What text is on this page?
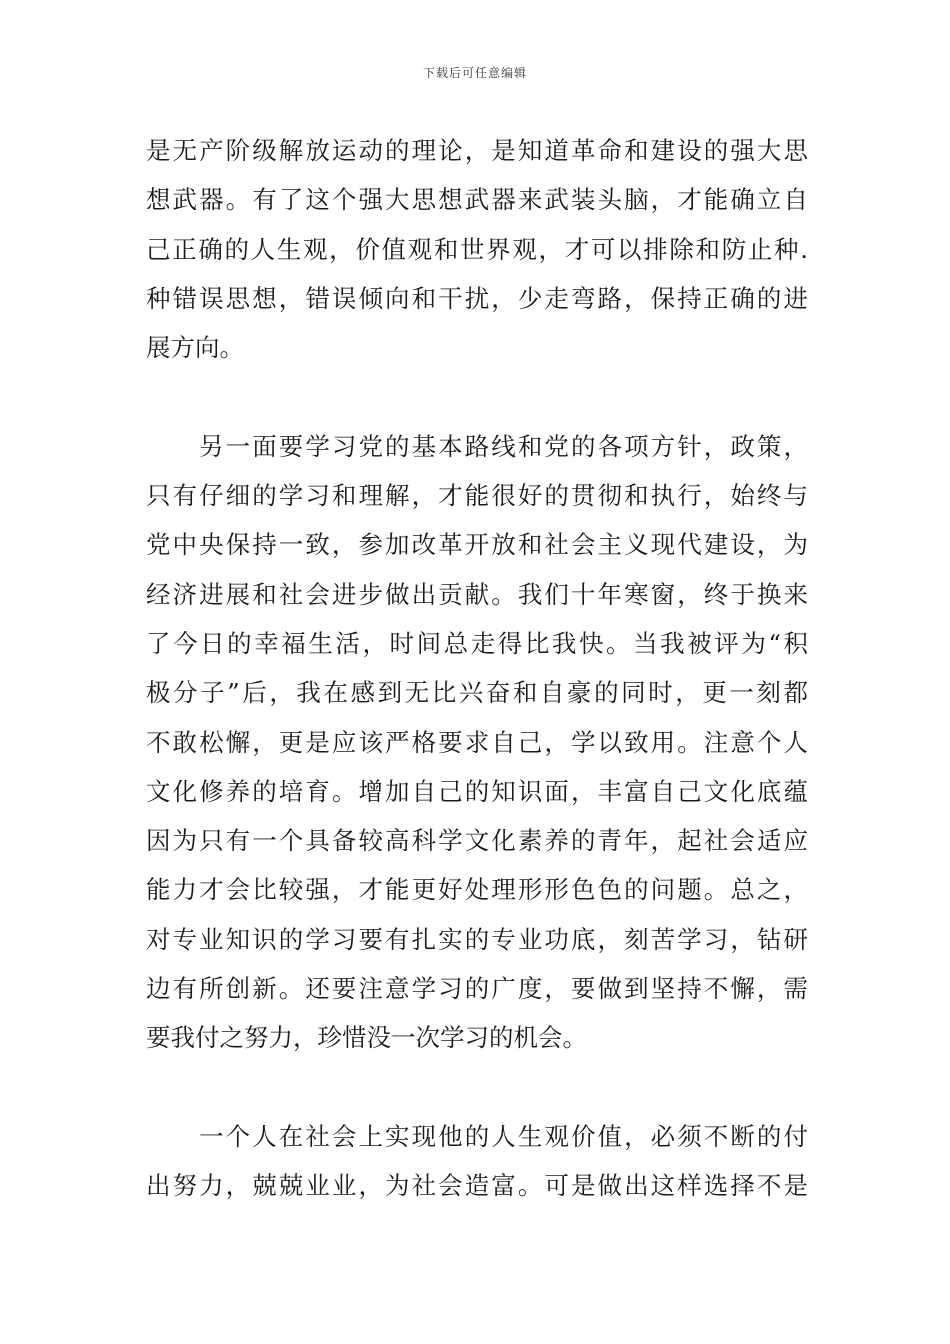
下载后可任意编辑
是无产阶级解放运动的理论，是知道革命和建设的强大思
想武器。有了这个强大思想武器来武装头脑，才能确立自
己正确的人生观，价值观和世界观，才可以排除和防止种.
种错误思想，错误倾向和干扰，少走弯路，保持正确的进
展方向。
　　另一面要学习党的基本路线和党的各项方针，政策，
只有仔细的学习和理解，才能很好的贯彻和执行，始终与
党中央保持一致，参加改革开放和社会主义现代建设，为
经济进展和社会进步做出贡献。我们十年寒窗，终于换来
了今日的幸福生活，时间总走得比我快。当我被评为“积
极分子”后，我在感到无比兴奋和自豪的同时，更一刻都
不敢松懈，更是应该严格要求自己，学以致用。注意个人
文化修养的培育。增加自己的知识面，丰富自己文化底蕴
因为只有一个具备较高科学文化素养的青年，起社会适应
能力才会比较强，才能更好处理形形色色的问题。总之，
对专业知识的学习要有扎实的专业功底，刻苦学习，钻研
边有所创新。还要注意学习的广度，要做到坚持不懈，需
要我付之努力，珍惜没一次学习的机会。
　　一个人在社会上实现他的人生观价值，必须不断的付
出努力，兢兢业业，为社会造富。可是做出这样选择不是
